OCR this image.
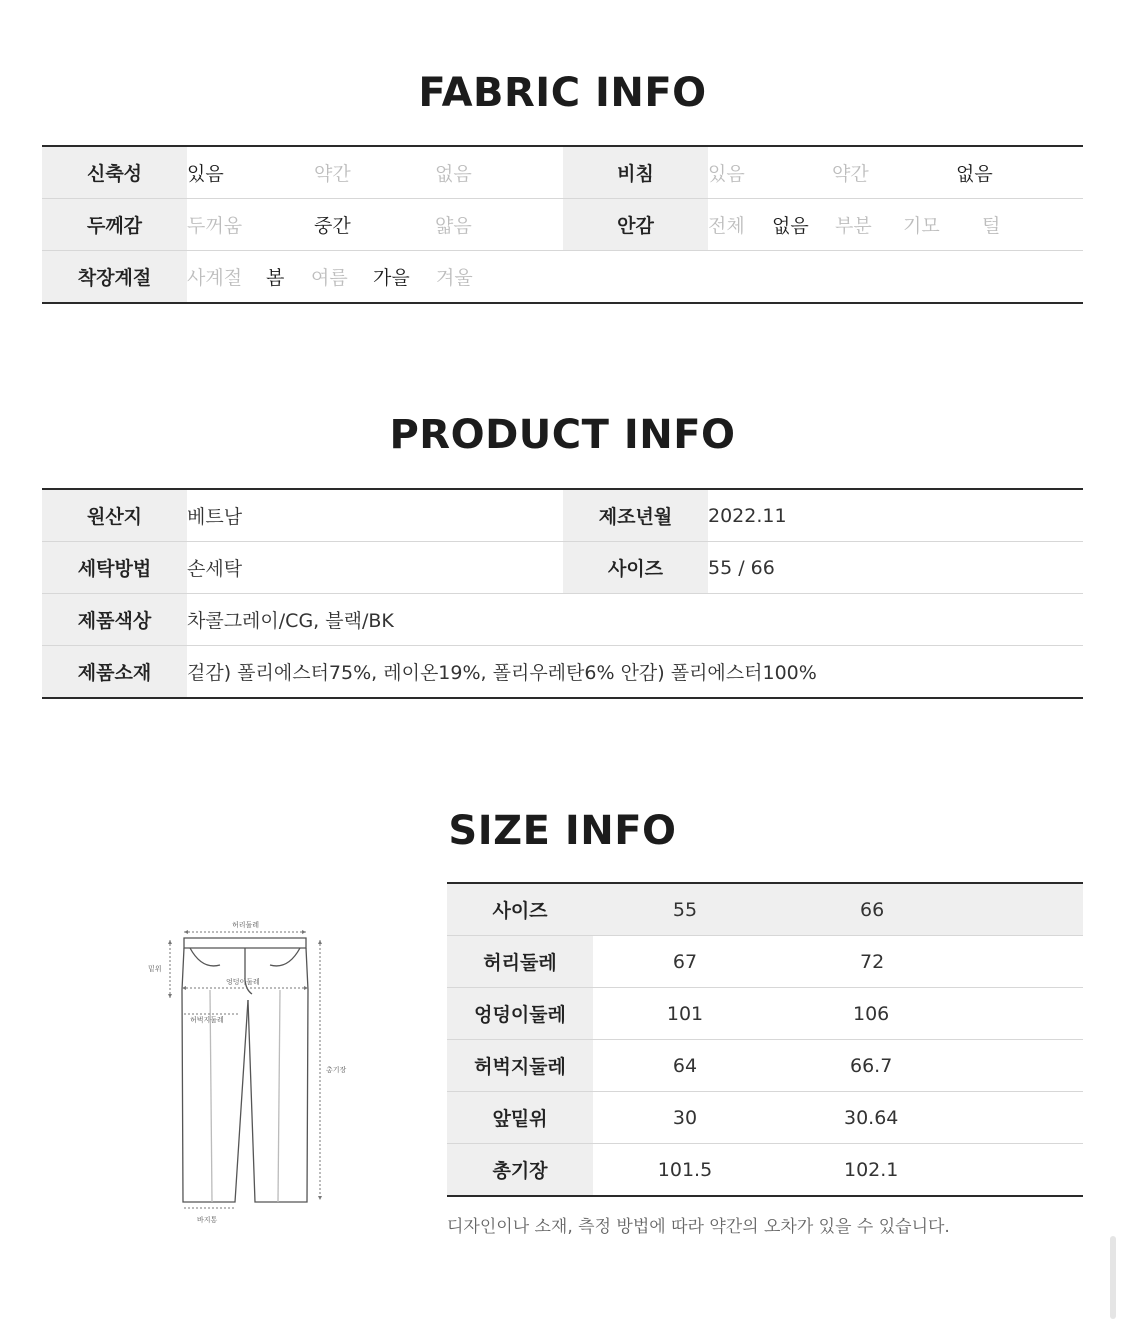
FABRIC INFO
신축성	있음 약간 없음	비침	있음 약간 없음
두께감	두꺼움 중간 얇음	안감	전체 없음 부분 기모 털
착장계절	사계절 봄 여름 가을 겨울		
PRODUCT INFO
원산지	베트남	제조년월	2022.11
세탁방법	손세탁	사이즈	55 / 66
제품색상	차콜그레이/CG, 블랙/BK		
제품소재	겉감) 폴리에스터75%, 레이온19%, 폴리우레탄6% 안감) 폴리에스터100%		
SIZE INFO
허리둘레
밑위
엉덩이둘레
허벅지둘레
총기장
바지통
사이즈	55		66
허리둘레	67		72
엉덩이둘레	101		106
허벅지둘레	64		66.7
앞밑위	30		30.64
총기장	101.5		102.1
디자인이나 소재, 측정 방법에 따라 약간의 오차가 있을 수 있습니다.
